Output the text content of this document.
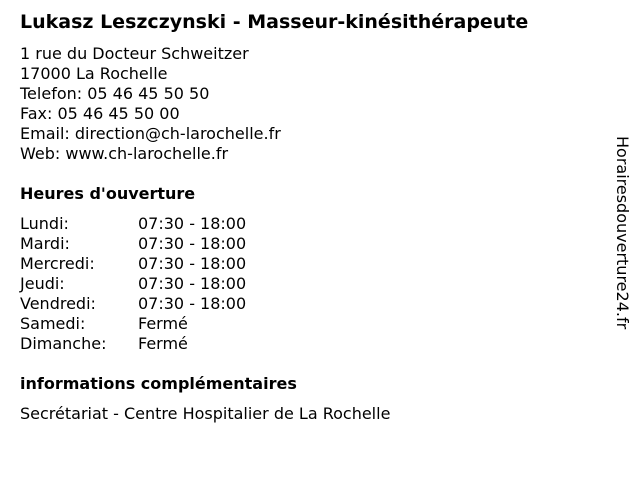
Lukasz Leszczynski - Masseur-kinésithérapeute
1 rue du Docteur Schweitzer
17000 La Rochelle
Telefon: 05 46 45 50 50
Fax: 05 46 45 50 00
Email: direction@ch-larochelle.fr
Web: www.ch-larochelle.fr
Heures d'ouverture
Lundi:	07:30 - 18:00
Mardi:	07:30 - 18:00
Mercredi:	07:30 - 18:00
Jeudi:	07:30 - 18:00
Vendredi:	07:30 - 18:00
Samedi:	Fermé
Dimanche: Fermé
informations complémentaires
Secrétariat - Centre Hospitalier de La Rochelle
Horairesdouverture24.fr
